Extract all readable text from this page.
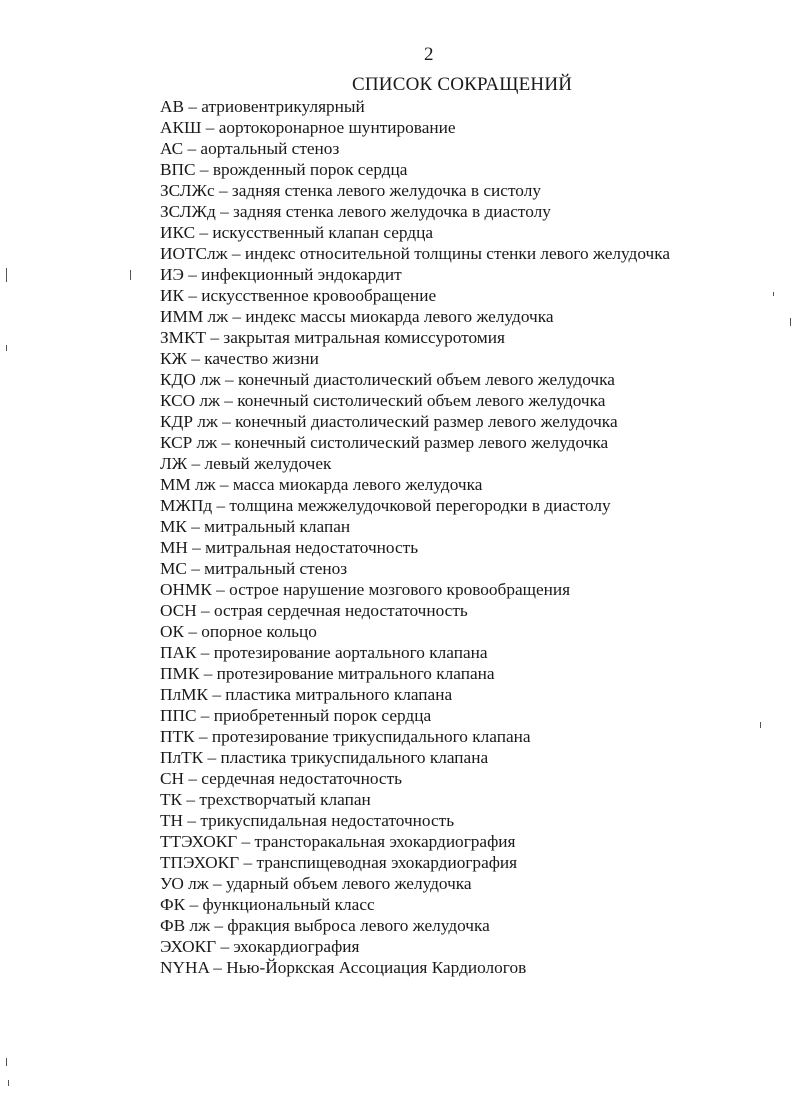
2
СПИСОК СОКРАЩЕНИЙ
АВ – атриовентрикулярный
АКШ – аортокоронарное шунтирование
АС – аортальный стеноз
ВПС – врожденный порок сердца
ЗСЛЖс – задняя стенка левого желудочка в систолу
ЗСЛЖд – задняя стенка левого желудочка в диастолу
ИКС – искусственный клапан сердца
ИОТСлж – индекс относительной толщины стенки левого желудочка
ИЭ – инфекционный эндокардит
ИК – искусственное кровообращение
ИММ лж – индекс массы миокарда левого желудочка
ЗМКТ – закрытая митральная комиссуротомия
КЖ – качество жизни
КДО лж – конечный диастолический объем левого желудочка
КСО лж – конечный систолический объем левого желудочка
КДР лж – конечный диастолический размер левого желудочка
КСР лж – конечный систолический размер левого желудочка
ЛЖ – левый желудочек
ММ лж – масса миокарда левого желудочка
МЖПд – толщина межжелудочковой перегородки в диастолу
МК – митральный клапан
МН – митральная недостаточность
МС – митральный стеноз
ОНМК – острое нарушение мозгового кровообращения
ОСН – острая сердечная недостаточность
ОК – опорное кольцо
ПАК – протезирование аортального клапана
ПМК – протезирование митрального клапана
ПлМК – пластика митрального клапана
ППС – приобретенный порок сердца
ПТК – протезирование трикуспидального клапана
ПлТК – пластика трикуспидального клапана
СН – сердечная недостаточность
ТК – трехстворчатый клапан
ТН – трикуспидальная недостаточность
ТТЭХОКГ – трансторакальная эхокардиография
ТПЭХОКГ – транспищеводная эхокардиография
УО лж – ударный объем левого желудочка
ФК – функциональный класс
ФВ лж – фракция выброса левого желудочка
ЭХОКГ – эхокардиография
NYHA – Нью-Йоркская Ассоциация Кардиологов
